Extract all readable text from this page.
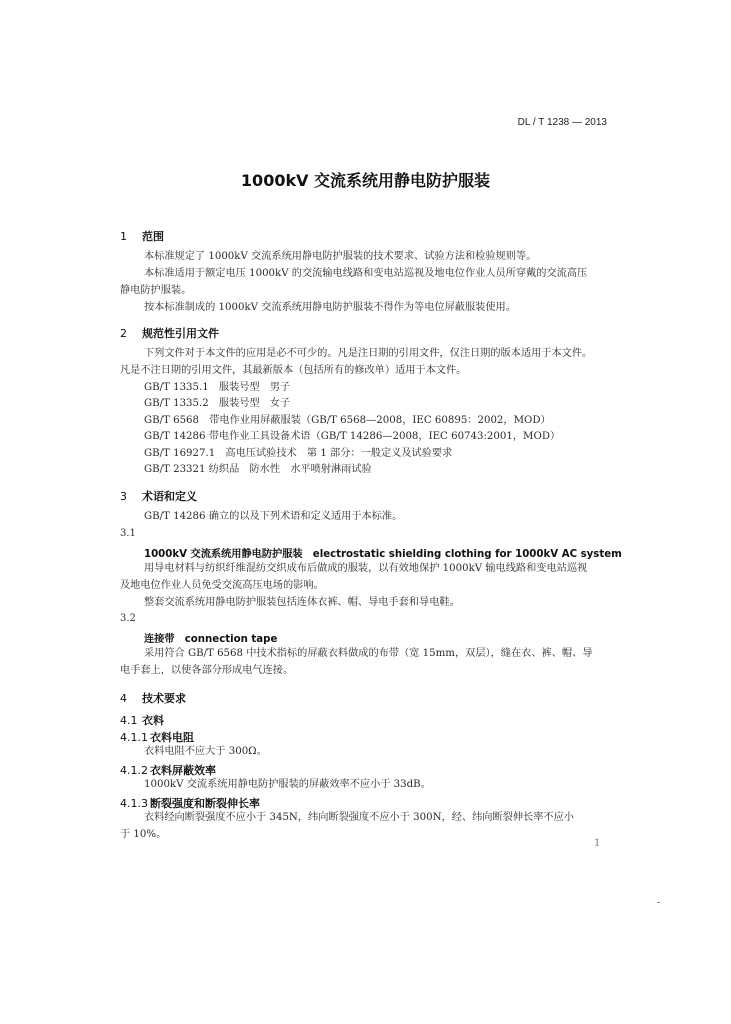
DL / T 1238 — 2013
1000kV 交流系统用静电防护服装
1 范围
本标准规定了 1000kV 交流系统用静电防护服装的技术要求、试验方法和检验规则等。
本标准适用于额定电压 1000kV 的交流输电线路和变电站巡视及地电位作业人员所穿戴的交流高压
静电防护服装。
按本标准制成的 1000kV 交流系统用静电防护服装不得作为等电位屏蔽服装使用。
2 规范性引用文件
下列文件对于本文件的应用是必不可少的。凡是注日期的引用文件，仅注日期的版本适用于本文件。
凡是不注日期的引用文件，其最新版本（包括所有的修改单）适用于本文件。
GB/T 1335.1　服装号型　男子
GB/T 1335.2　服装号型　女子
GB/T 6568　带电作业用屏蔽服装（GB/T 6568—2008，IEC 60895：2002，MOD）
GB/T 14286 带电作业工具设备术语（GB/T 14286—2008，IEC 60743:2001，MOD）
GB/T 16927.1　高电压试验技术　第 1 部分：一般定义及试验要求
GB/T 23321 纺织品　防水性　水平喷射淋雨试验
3 术语和定义
GB/T 14286 确立的以及下列术语和定义适用于本标准。
3.1
1000kV 交流系统用静电防护服装　electrostatic shielding clothing for 1000kV AC system
用导电材料与纺织纤维混纺交织成布后做成的服装，以有效地保护 1000kV 输电线路和变电站巡视
及地电位作业人员免受交流高压电场的影响。
整套交流系统用静电防护服装包括连体衣裤、帽、导电手套和导电鞋。
3.2
连接带　connection tape
采用符合 GB/T 6568 中技术指标的屏蔽衣料做成的布带（宽 15mm，双层），缝在衣、裤、帽、导
电手套上，以使各部分形成电气连接。
4 技术要求
4.1 衣料
4.1.1 衣料电阻
衣料电阻不应大于 300Ω。
4.1.2 衣料屏蔽效率
1000kV 交流系统用静电防护服装的屏蔽效率不应小于 33dB。
4.1.3 断裂强度和断裂伸长率
衣料经向断裂强度不应小于 345N，纬向断裂强度不应小于 300N，经、纬向断裂伸长率不应小
于 10%。
1
